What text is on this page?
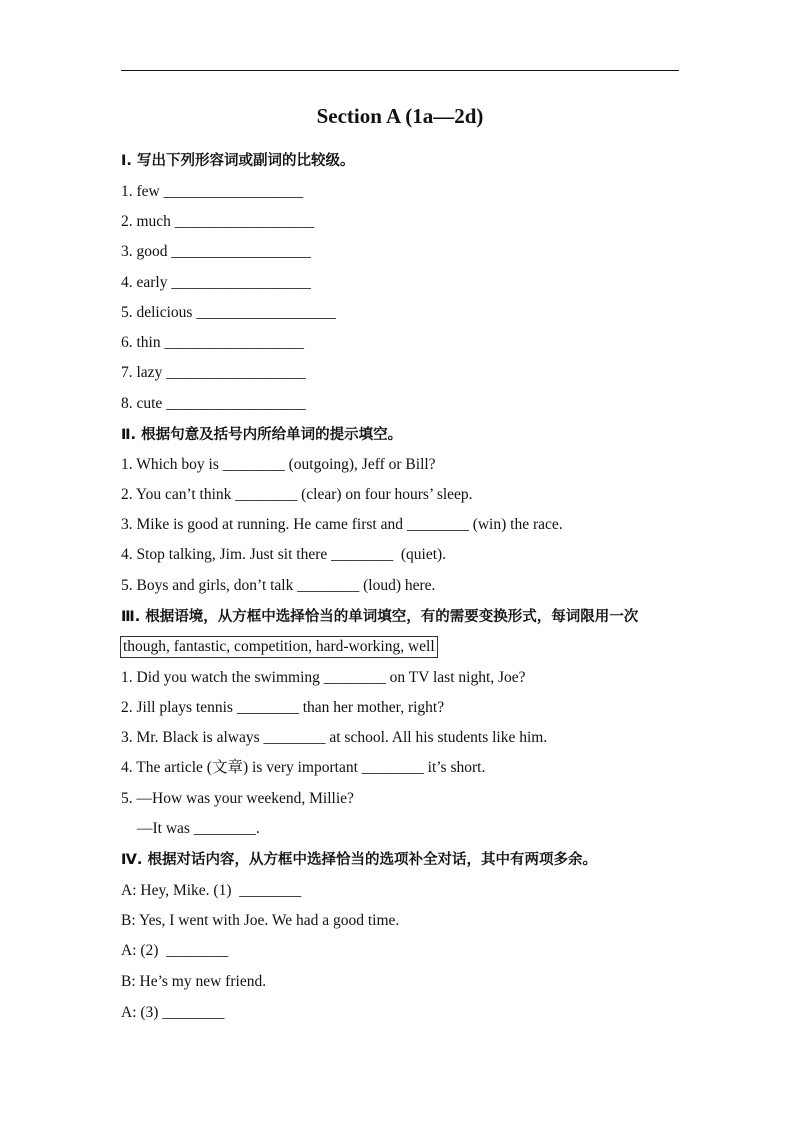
Section A (1a—2d)
Ⅰ. 写出下列形容词或副词的比较级。
1. few __________________
2. much __________________
3. good __________________
4. early __________________
5. delicious __________________
6. thin __________________
7. lazy __________________
8. cute __________________
Ⅱ. 根据句意及括号内所给单词的提示填空。
1. Which boy is ________ (outgoing), Jeff or Bill?
2. You can’t think ________ (clear) on four hours’ sleep.
3. Mike is good at running. He came first and ________ (win) the race.
4. Stop talking, Jim. Just sit there ________  (quiet).
5. Boys and girls, don’t talk ________ (loud) here.
Ⅲ. 根据语境，从方框中选择恰当的单词填空，有的需要变换形式，每词限用一次
though, fantastic, competition, hard-working, well
1. Did you watch the swimming ________ on TV last night, Joe?
2. Jill plays tennis ________ than her mother, right?
3. Mr. Black is always ________ at school. All his students like him.
4. The article (文章) is very important ________ it’s short.
5. —How was your weekend, Millie?
—It was ________.
Ⅳ. 根据对话内容，从方框中选择恰当的选项补全对话，其中有两项多余。
A: Hey, Mike. (1)  ________
B: Yes, I went with Joe. We had a good time.
A: (2)  ________
B: He’s my new friend.
A: (3) ________
